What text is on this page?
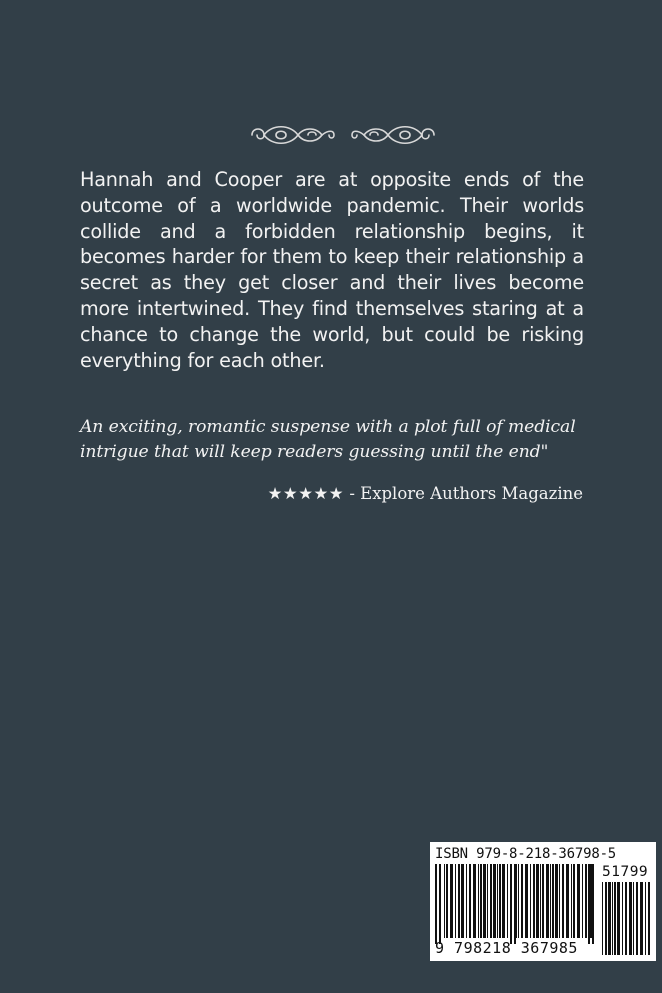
Hannah and Cooper are at opposite ends of the outcome of a worldwide pandemic. Their worlds collide and a forbidden relationship begins, it becomes harder for them to keep their relationship a secret as they get closer and their lives become more intertwined. They find themselves staring at a chance to change the world, but could be risking everything for each other.

An exciting, romantic suspense with a plot full of medical intrigue that will keep readers guessing until the end"

★★★★★ - Explore Authors Magazine
ISBN 979-8-218-36798-5
51799
9 798218 367985
